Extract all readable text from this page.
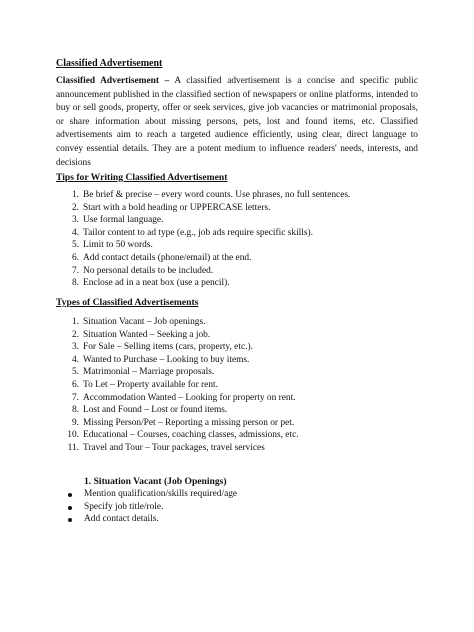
Classified Advertisement

Classified Advertisement – A classified advertisement is a concise and specific public announcement published in the classified section of newspapers or online platforms, intended to buy or sell goods, property, offer or seek services, give job vacancies or matrimonial proposals, or share information about missing persons, pets, lost and found items, etc. Classified advertisements aim to reach a targeted audience efficiently, using clear, direct language to convey essential details. They are a potent medium to influence readers' needs, interests, and decisions

Tips for Writing Classified Advertisement
1. Be brief & precise – every word counts. Use phrases, no full sentences.
2. Start with a bold heading or UPPERCASE letters.
3. Use formal language.
4. Tailor content to ad type (e.g., job ads require specific skills).
5. Limit to 50 words.
6. Add contact details (phone/email) at the end.
7. No personal details to be included.
8. Enclose ad in a neat box (use a pencil).
Types of Classified Advertisements
1. Situation Vacant – Job openings.
2. Situation Wanted – Seeking a job.
3. For Sale – Selling items (cars, property, etc.).
4. Wanted to Purchase – Looking to buy items.
5. Matrimonial – Marriage proposals.
6. To Let – Property available for rent.
7. Accommodation Wanted – Looking for property on rent.
8. Lost and Found – Lost or found items.
9. Missing Person/Pet – Reporting a missing person or pet.
10. Educational – Courses, coaching classes, admissions, etc.
11. Travel and Tour – Tour packages, travel services
1. Situation Vacant (Job Openings)
Mention qualification/skills required/age
Specify job title/role.
Add contact details.
